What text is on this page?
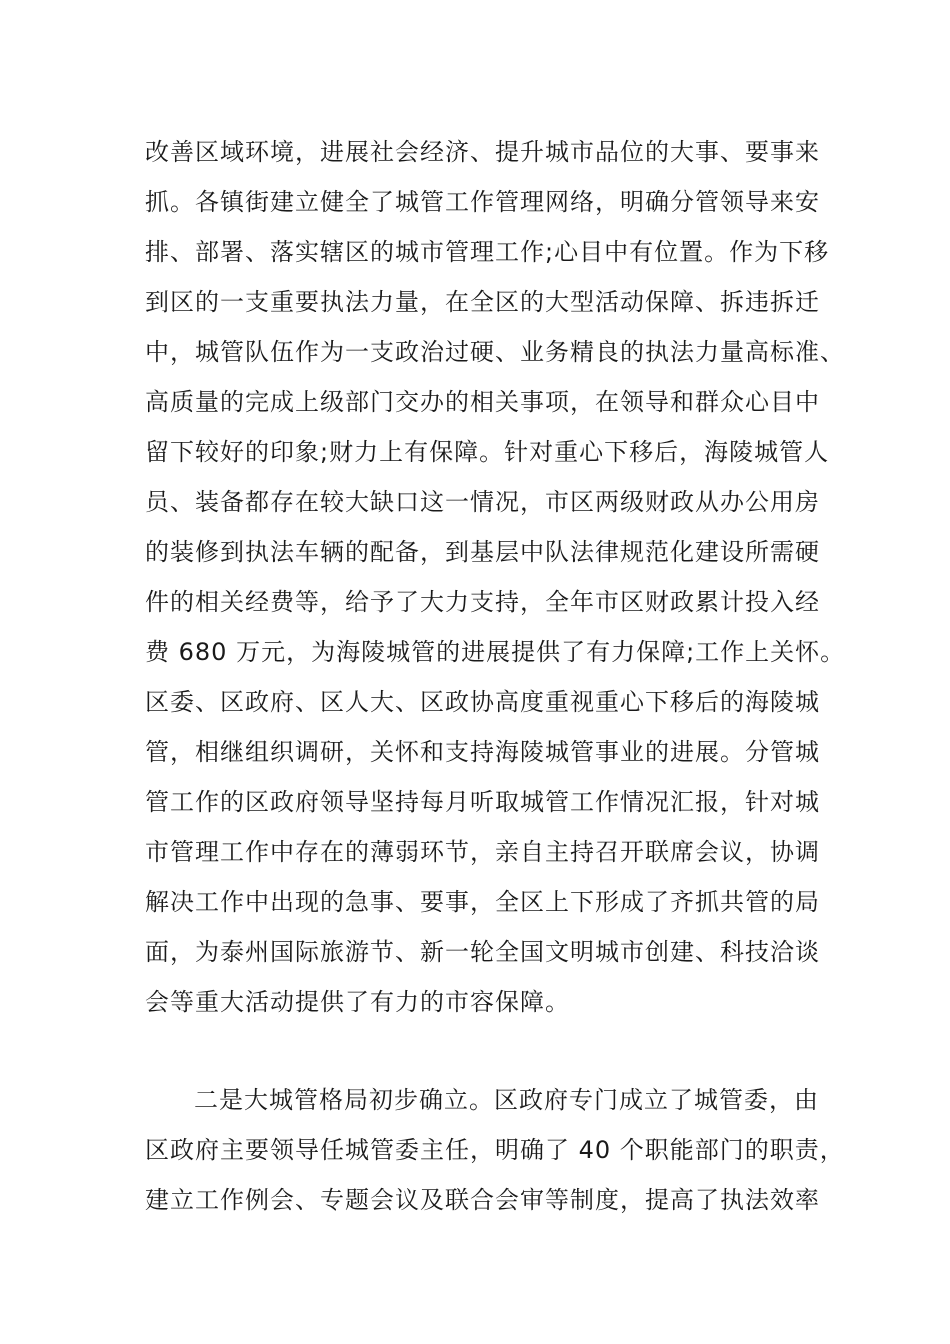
改善区域环境，进展社会经济、提升城市品位的大事、要事来
抓。各镇街建立健全了城管工作管理网络，明确分管领导来安
排、部署、落实辖区的城市管理工作;心目中有位置。作为下移
到区的一支重要执法力量，在全区的大型活动保障、拆违拆迁
中，城管队伍作为一支政治过硬、业务精良的执法力量高标准、
高质量的完成上级部门交办的相关事项，在领导和群众心目中
留下较好的印象;财力上有保障。针对重心下移后，海陵城管人
员、装备都存在较大缺口这一情况，市区两级财政从办公用房
的装修到执法车辆的配备，到基层中队法律规范化建设所需硬
件的相关经费等，给予了大力支持，全年市区财政累计投入经
费 680 万元，为海陵城管的进展提供了有力保障;工作上关怀。
区委、区政府、区人大、区政协高度重视重心下移后的海陵城
管，相继组织调研，关怀和支持海陵城管事业的进展。分管城
管工作的区政府领导坚持每月听取城管工作情况汇报，针对城
市管理工作中存在的薄弱环节，亲自主持召开联席会议，协调
解决工作中出现的急事、要事，全区上下形成了齐抓共管的局
面，为泰州国际旅游节、新一轮全国文明城市创建、科技洽谈
会等重大活动提供了有力的市容保障。
二是大城管格局初步确立。区政府专门成立了城管委，由
区政府主要领导任城管委主任，明确了 40 个职能部门的职责，
建立工作例会、专题会议及联合会审等制度，提高了执法效率
